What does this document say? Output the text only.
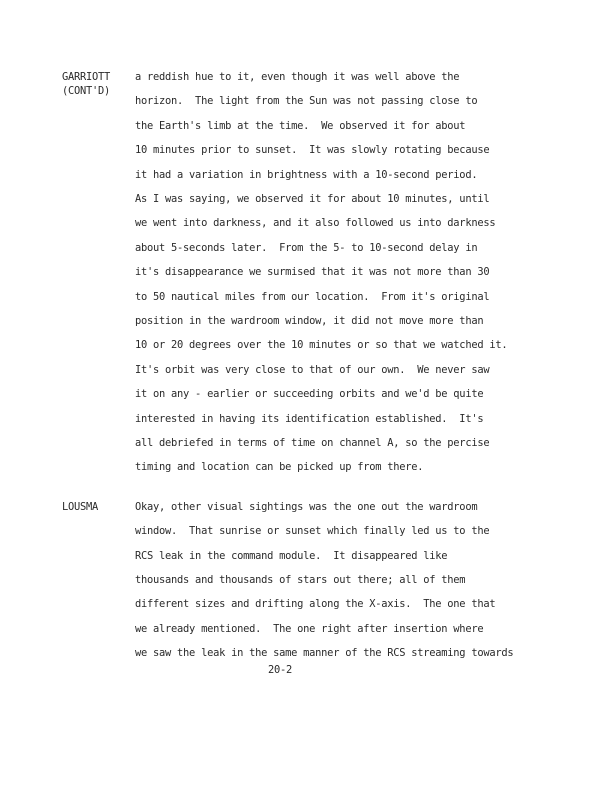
GARRIOTT
(CONT'D)
a reddish hue to it, even though it was well above the
horizon.  The light from the Sun was not passing close to
the Earth's limb at the time.  We observed it for about
10 minutes prior to sunset.  It was slowly rotating because
it had a variation in brightness with a 10-second period.
As I was saying, we observed it for about 10 minutes, until
we went into darkness, and it also followed us into darkness
about 5-seconds later.  From the 5- to 10-second delay in
it's disappearance we surmised that it was not more than 30
to 50 nautical miles from our location.  From it's original
position in the wardroom window, it did not move more than
10 or 20 degrees over the 10 minutes or so that we watched it.
It's orbit was very close to that of our own.  We never saw
it on any - earlier or succeeding orbits and we'd be quite
interested in having its identification established.  It's
all debriefed in terms of time on channel A, so the percise
timing and location can be picked up from there.
LOUSMA	Okay, other visual sightings was the one out the wardroom
window.  That sunrise or sunset which finally led us to the
RCS leak in the command module.  It disappeared like
thousands and thousands of stars out there; all of them
different sizes and drifting along the X-axis.  The one that
we already mentioned.  The one right after insertion where
we saw the leak in the same manner of the RCS streaming towards
20-2
